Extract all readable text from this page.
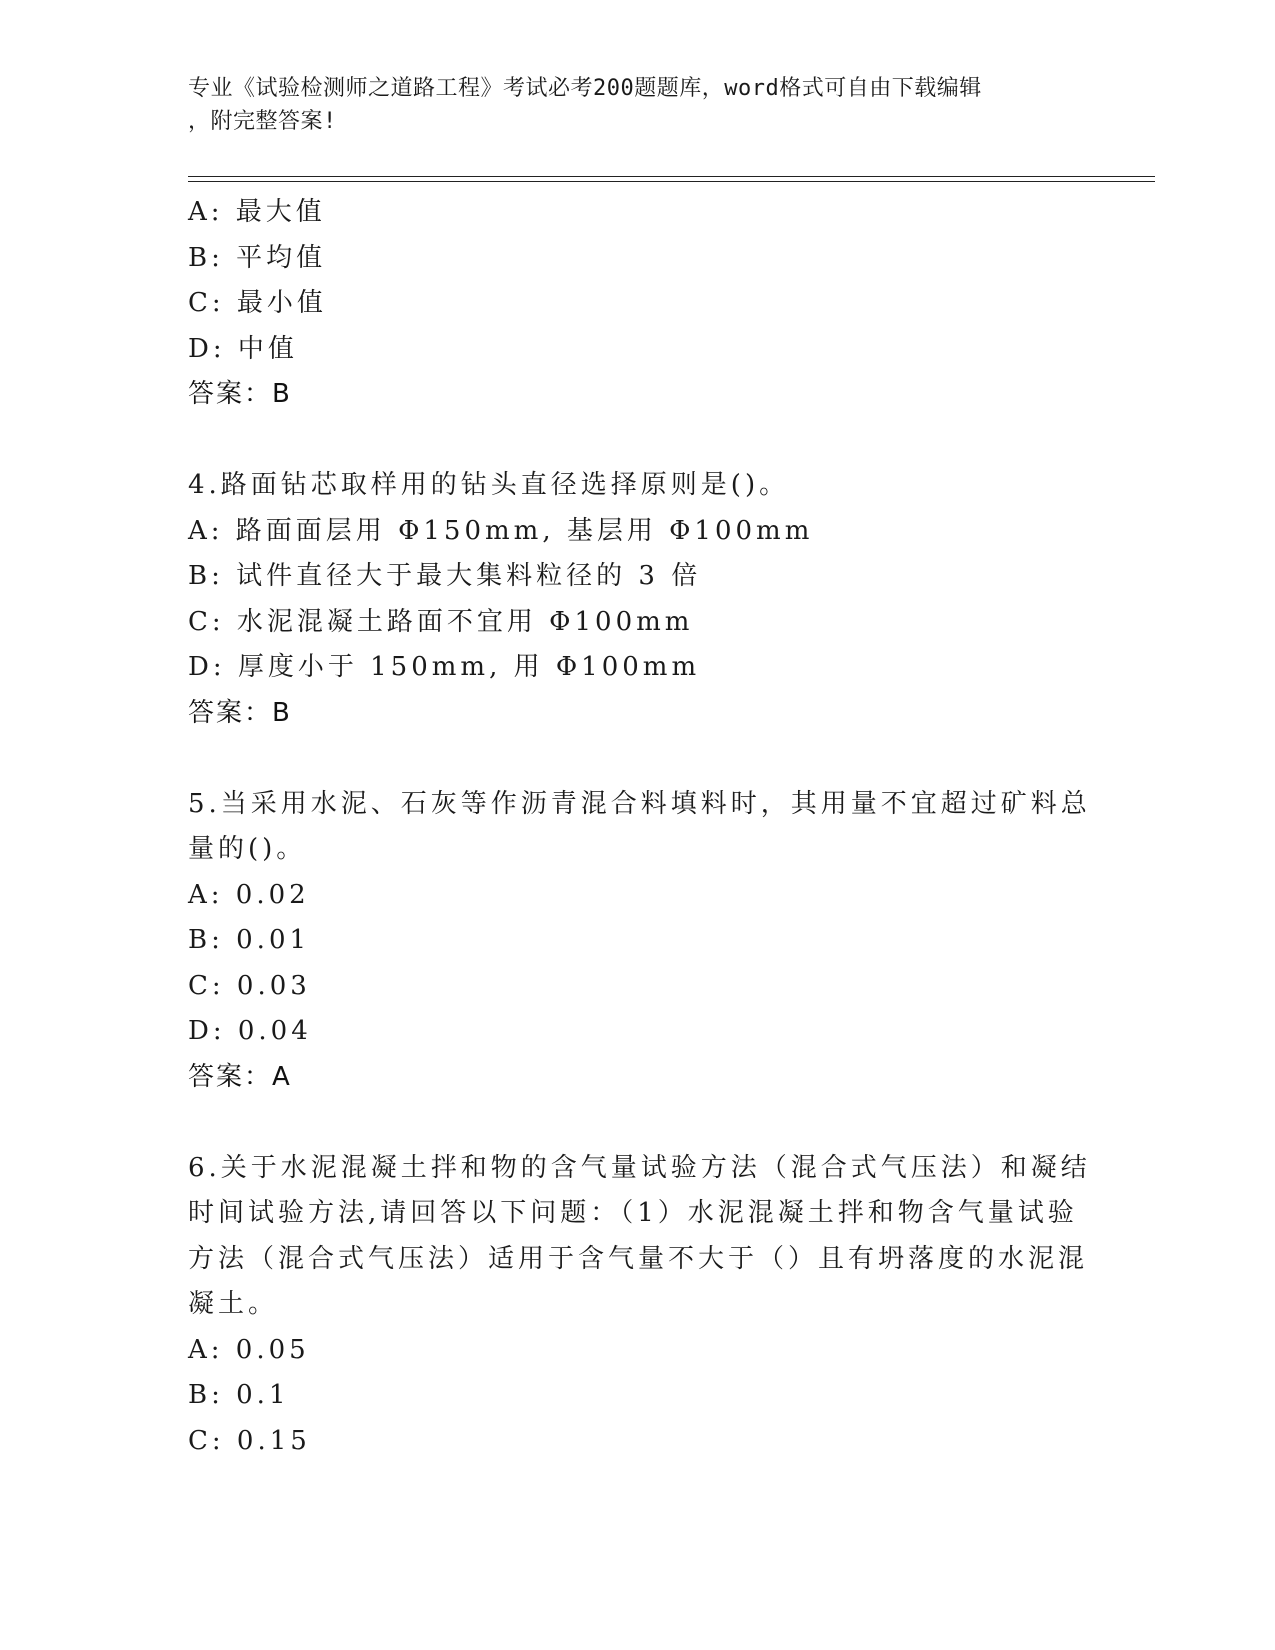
专业《试验检测师之道路工程》考试必考200题题库，word格式可自由下载编辑
，附完整答案!
A: 最大值
B: 平均值
C: 最小值
D: 中值
答案：B
4.路面钻芯取样用的钻头直径选择原则是()。
A: 路面面层用 Φ150mm, 基层用 Φ100mm
B: 试件直径大于最大集料粒径的 3 倍
C: 水泥混凝土路面不宜用 Φ100mm
D: 厚度小于 150mm, 用 Φ100mm
答案：B
5.当采用水泥、石灰等作沥青混合料填料时，其用量不宜超过矿料总
量的()。
A: 0.02
B: 0.01
C: 0.03
D: 0.04
答案：A
6.关于水泥混凝土拌和物的含气量试验方法（混合式气压法）和凝结
时间试验方法,请回答以下问题：（1）水泥混凝土拌和物含气量试验
方法（混合式气压法）适用于含气量不大于（）且有坍落度的水泥混
凝土。
A: 0.05
B: 0.1
C: 0.15
